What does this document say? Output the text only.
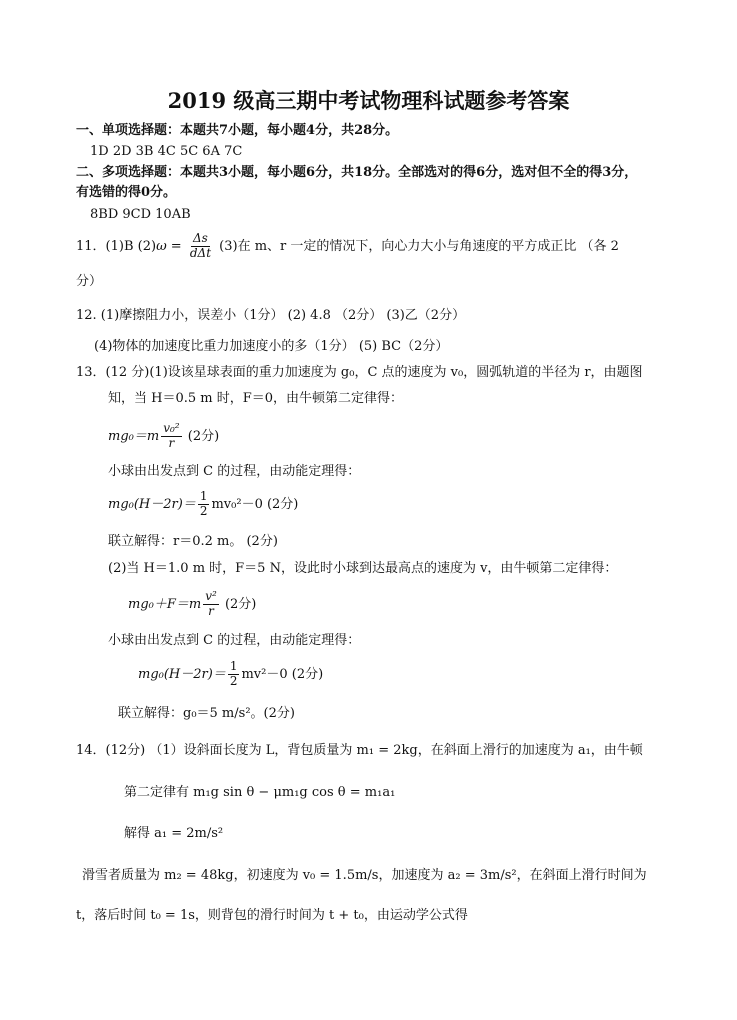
2019 级高三期中考试物理科试题参考答案
一、单项选择题：本题共7小题，每小题4分，共28分。
1D 2D 3B 4C 5C 6A 7C
二、多项选择题：本题共3小题，每小题6分，共18分。全部选对的得6分，选对但不全的得3分，
有选错的得0分。
8BD 9CD 10AB
11．(1)B $(2)\omega = \frac{\Delta s}{\text{dΔt}} (3)$在 m、r 一定的情况下，向心力大小与角速度的平方成正比 （各 2
分）
12. (1)摩擦阻力小，误差小（1分） (2) 4.8 （2分） (3)乙（2分）
(4)物体的加速度比重力加速度小的多（1分） (5) BC（2分）
13．(12 分)(1)设该星球表面的重力加速度为 g₀，C 点的速度为 v₀，圆弧轨道的半径为 r，由题图
知，当 H＝0.5 m 时，F＝0，由牛顿第二定律得：
$mg_0=m \frac{\text{v₀²}}{r} (2$分)
小球由出发点到 C 的过程，由动能定理得：
$mg_0(H-2r)= \frac{1}{2} mv_0^2-0$ (2分)
联立解得：r＝0.2 m。 (2分)
(2)当 H＝1.0 m 时，F＝5 N，设此时小球到达最高点的速度为 v，由牛顿第二定律得：
$mg_0+F=m \frac{\text{v²}}{r} (2$分)
小球由出发点到 C 的过程，由动能定理得：
$mg_0(H-2r)= \frac{1}{2} mv^2-0$ (2分)
联立解得：g₀＝5 m/s²。(2分)
14．(12分) （1）设斜面长度为 L，背包质量为 m₁ = 2kg，在斜面上滑行的加速度为 a₁，由牛顿
第二定律有 m₁g sin θ − μm₁g cos θ = m₁a₁
解得 a₁ = 2m/s²
滑雪者质量为 m₂ = 48kg，初速度为 v₀ = 1.5m/s，加速度为 a₂ = 3m/s²，在斜面上滑行时间为
t，落后时间 t₀ = 1s，则背包的滑行时间为 t + t₀，由运动学公式得
